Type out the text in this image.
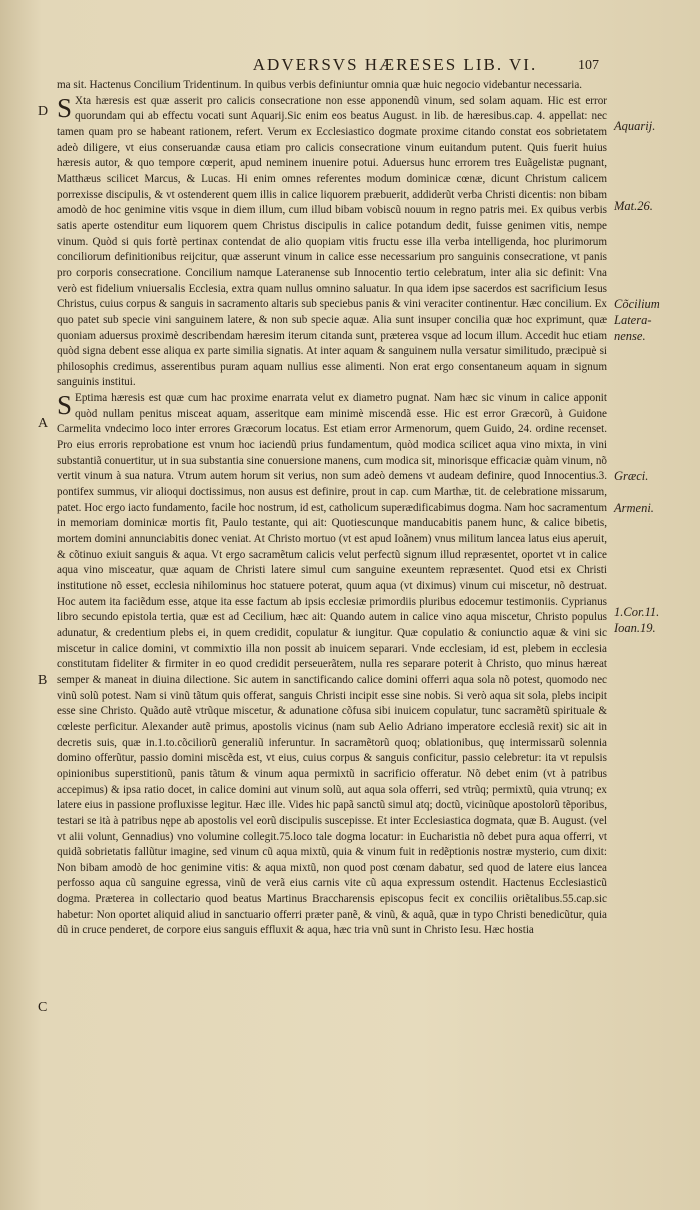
ADVERSVS HÆRESES LIB. VI.	107
D
A
B
C
Aquarij.
Mat.26.
Cõcilium Latera-nense.
Græci.
Armeni.
1.Cor.11.
Ioan.19.

ma sit. Hactenus Concilium Tridentinum. In quibus verbis definiuntur omnia quæ huic negocio videbantur necessaria.

S Xta hæresis est quæ asserit pro calicis consecratione non esse apponendũ vinum, sed solam aquam. Hic est error quorundam qui ab effectu vocati sunt Aquarij.Sic enim eos beatus August. in lib. de hæresibus.cap. 4. appellat: nec tamen quam pro se habeant rationem, refert. Verum ex Ecclesiastico dogmate proxime citando constat eos sobrietatem adeò diligere, vt eius conseruandæ causa etiam pro calicis consecratione vinum euitandum putent. Quis fuerit huius hæresis autor, & quo tempore cœperit, apud neminem inuenire potui. Aduersus hunc errorem tres Euãgelistæ pugnant, Matthæus scilicet Marcus, & Lucas. Hi enim omnes referentes modum dominicæ cœnæ, dicunt Christum calicem porrexisse discipulis, & vt ostenderent quem illis in calice liquorem præbuerit, addiderũt verba Christi dicentis: non bibam amodò de hoc genimine vitis vsque in diem illum, cum illud bibam vobiscũ nouum in regno patris mei. Ex quibus verbis satis aperte ostenditur eum liquorem quem Christus discipulis in calice potandum dedit, fuisse genimen vitis, nempe vinum. Quòd si quis fortè pertinax contendat de alio quopiam vitis fructu esse illa verba intelligenda, hoc plurimorum conciliorum definitionibus reijcitur, quæ asserunt vinum in calice esse necessarium pro sanguinis consecratione, vt panis pro corporis consecratione. Concilium namque Lateranense sub Innocentio tertio celebratum, inter alia sic definit: Vna verò est fidelium vniuersalis Ecclesia, extra quam nullus omnino saluatur. In qua idem ipse sacerdos est sacrificium Iesus Christus, cuius corpus & sanguis in sacramento altaris sub speciebus panis & vini veraciter continentur. Hæc concilium. Ex quo patet sub specie vini sanguinem latere, & non sub specie aquæ. Alia sunt insuper concilia quæ hoc exprimunt, quæ quoniam aduersus proximè describendam hæresim iterum citanda sunt, præterea vsque ad locum illum. Accedit huc etiam quòd signa debent esse aliqua ex parte similia signatis. At inter aquam & sanguinem nulla versatur similitudo, præcipuè si philosophis credimus, asserentibus puram aquam nullius esse alimenti. Non erat ergo consentaneum aquam in signum sanguinis institui.

S Eptima hæresis est quæ cum hac proxime enarrata velut ex diametro pugnat. Nam hæc sic vinum in calice apponit quòd nullam penitus misceat aquam, asseritque eam minimè miscendã esse. Hic est error Græcorũ, à Guidone Carmelita vndecimo loco inter errores Græcorum locatus. Est etiam error Armenorum, quem Guido, 24. ordine recenset. Pro eius erroris reprobatione est vnum hoc iaciendũ prius fundamentum, quòd modica scilicet aqua vino mixta, in vini substantiã conuertitur, ut in sua substantia sine conuersione manens, cum modica sit, minorisque efficaciæ quàm vinum, nõ vertit vinum à sua natura. Vtrum autem horum sit verius, non sum adeò demens vt audeam definire, quod Innocentius.3. pontifex summus, vir alioqui doctissimus, non ausus est definire, prout in cap. cum Marthæ, tit. de celebratione missarum, patet. Hoc ergo iacto fundamento, facile hoc nostrum, id est, catholicum superædificabimus dogma. Nam hoc sacramentum in memoriam dominicæ mortis fit, Paulo testante, qui ait: Quotiescunque manducabitis panem hunc, & calice bibetis, mortem domini annunciabitis donec veniat. At Christo mortuo (vt est apud Ioãnem) vnus militum lancea latus eius aperuit, & cõtinuo exiuit sanguis & aqua. Vt ergo sacramẽtum calicis velut perfectũ signum illud repræsentet, oportet vt in calice aqua vino misceatur, quæ aquam de Christi latere simul cum sanguine exeuntem repræsentet. Quod etsi ex Christi institutione nõ esset, ecclesia nihilominus hoc statuere poterat, quum aqua (vt diximus) vinum cui miscetur, nõ destruat. Hoc autem ita faciẽdum esse, atque ita esse factum ab ipsis ecclesiæ primordiis pluribus edocemur testimoniis. Cyprianus libro secundo epistola tertia, quæ est ad Cecilium, hæc ait: Quando autem in calice vino aqua miscetur, Christo populus adunatur, & credentium plebs ei, in quem credidit, copulatur & iungitur. Quæ copulatio & coniunctio aquæ & vini sic miscetur in calice domini, vt commixtio illa non possit ab inuicem separari. Vnde ecclesiam, id est, plebem in ecclesia constitutam fideliter & firmiter in eo quod credidit perseuerãtem, nulla res separare poterit à Christo, quo minus hæreat semper & maneat in diuina dilectione. Sic autem in sanctificando calice domini offerri aqua sola nõ potest, quomodo nec vinũ solũ potest. Nam si vinũ tãtum quis offerat, sanguis Christi incipit esse sine nobis. Si verò aqua sit sola, plebs incipit esse sine Christo. Quãdo autẽ vtrũque miscetur, & adunatione cõfusa sibi inuicem copulatur, tunc sacramẽtũ spirituale & cœleste perficitur. Alexander autẽ primus, apostolis vicinus (nam sub Aelio Adriano imperatore ecclesiã rexit) sic ait in decretis suis, quæ in.1.to.cõciliorũ generaliũ inferuntur. In sacramẽtorũ quoq; oblationibus, quę intermissarũ solennia domino offerũtur, passio domini miscẽda est, vt eius, cuius corpus & sanguis conficitur, passio celebretur: ita vt repulsis opinionibus superstitionũ, panis tãtum & vinum aqua permixtũ in sacrificio offeratur. Nõ debet enim (vt à patribus accepimus) & ipsa ratio docet, in calice domini aut vinum solũ, aut aqua sola offerri, sed vtrũq; permixtũ, quia vtrunq; ex latere eius in passione profluxisse legitur. Hæc ille. Vides hic papã sanctũ simul atq; doctũ, vicinũque apostolorũ tẽporibus, testari se ità à patribus nępe ab apostolis vel eorũ discipulis suscepisse. Et inter Ecclesiastica dogmata, quæ B. August. (vel vt alii volunt, Gennadius) vno volumine collegit.75.loco tale dogma locatur: in Eucharistia nõ debet pura aqua offerri, vt quidã sobrietatis fallũtur imagine, sed vinum cũ aqua mixtũ, quia & vinum fuit in redẽptionis nostræ mysterio, cum dixit: Non bibam amodò de hoc genimine vitis: & aqua mixtũ, non quod post cœnam dabatur, sed quod de latere eius lancea perfosso aqua cũ sanguine egressa, vinũ de verã eius carnis vite cũ aqua expressum ostendit. Hactenus Ecclesiasticũ dogma. Præterea in collectario quod beatus Martinus Braccharensis episcopus fecit ex conciliis oriẽtalibus.55.cap.sic habetur: Non oportet aliquid aliud in sanctuario offerri præter panẽ, & vinũ, & aquã, quæ in typo Christi benedicũtur, quia dũ in cruce penderet, de corpore eius sanguis effluxit & aqua, hæc tria vnũ sunt in Christo Iesu. Hæc hostia
